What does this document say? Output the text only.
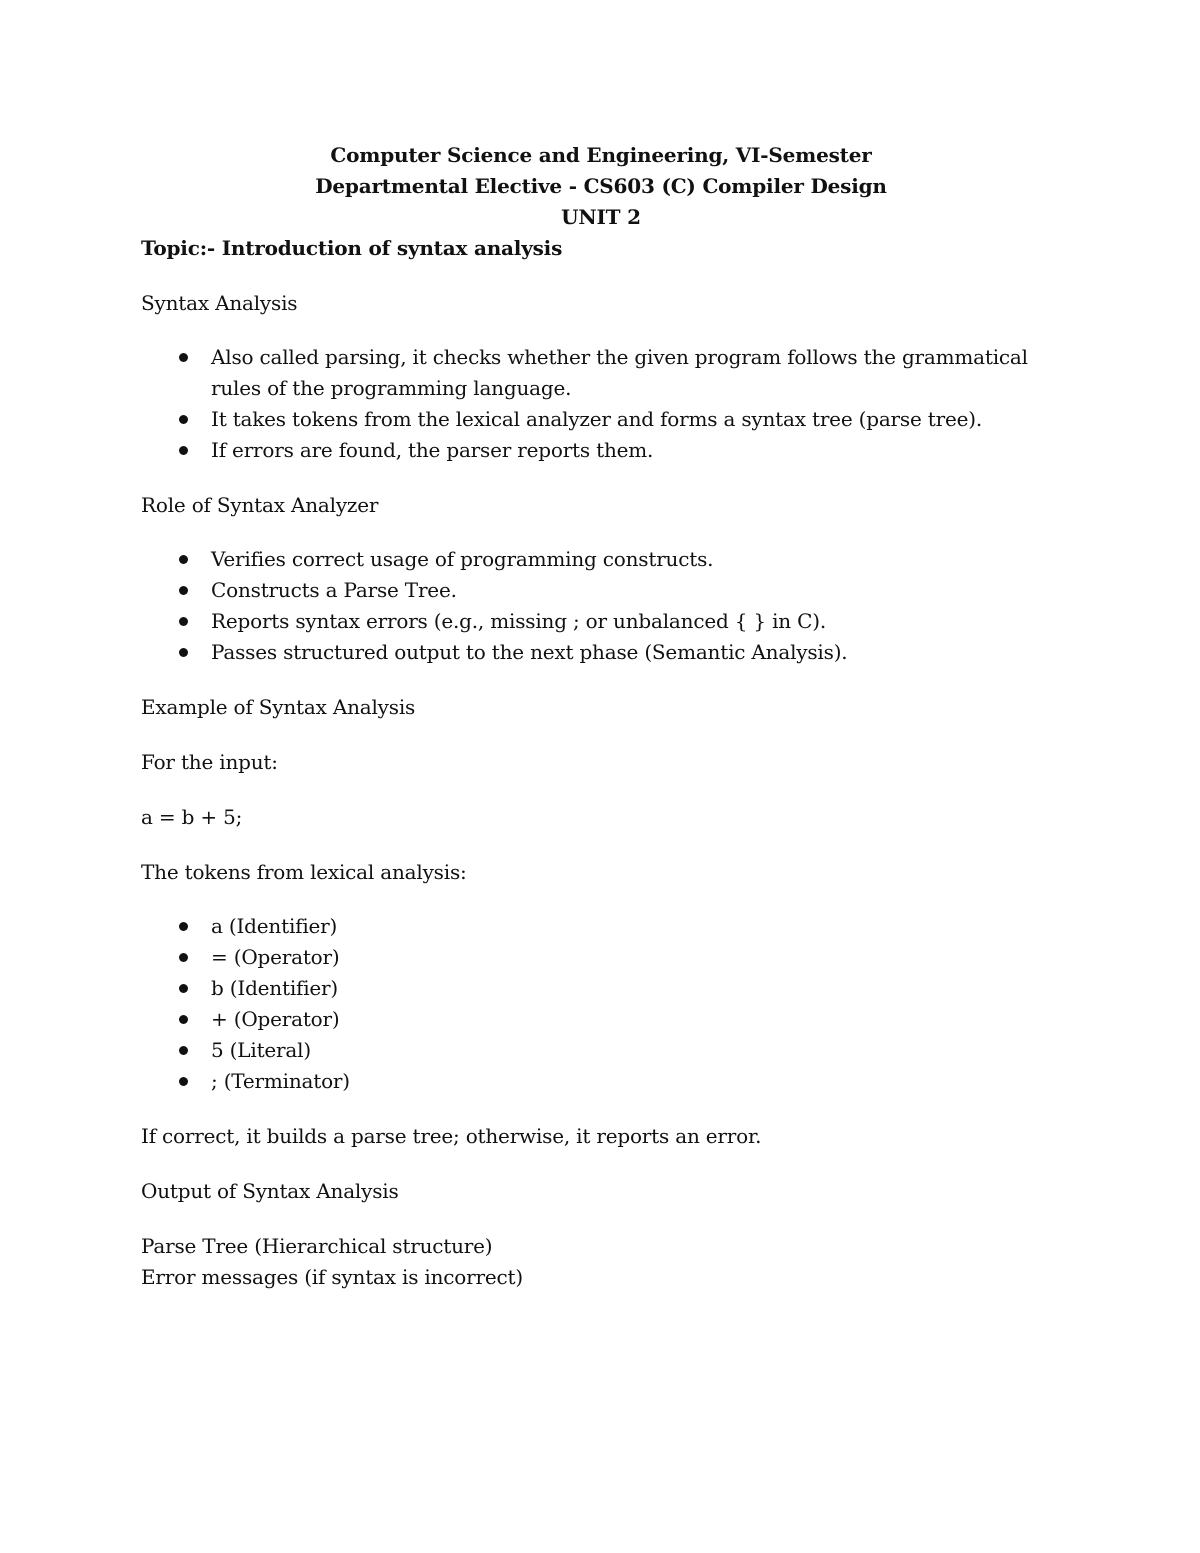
Computer Science and Engineering, VI-Semester

Departmental Elective - CS603 (C) Compiler Design

UNIT 2

Topic:- Introduction of syntax analysis

Syntax Analysis

Also called parsing, it checks whether the given program follows the grammatical rules of the programming language.
It takes tokens from the lexical analyzer and forms a syntax tree (parse tree).
If errors are found, the parser reports them.

Role of Syntax Analyzer

Verifies correct usage of programming constructs.
Constructs a Parse Tree.
Reports syntax errors (e.g., missing ; or unbalanced { } in C).
Passes structured output to the next phase (Semantic Analysis).

Example of Syntax Analysis

For the input:

a = b + 5;

The tokens from lexical analysis:

a (Identifier)
= (Operator)
b (Identifier)
+ (Operator)
5 (Literal)
; (Terminator)

If correct, it builds a parse tree; otherwise, it reports an error.

Output of Syntax Analysis

Parse Tree (Hierarchical structure)

Error messages (if syntax is incorrect)
